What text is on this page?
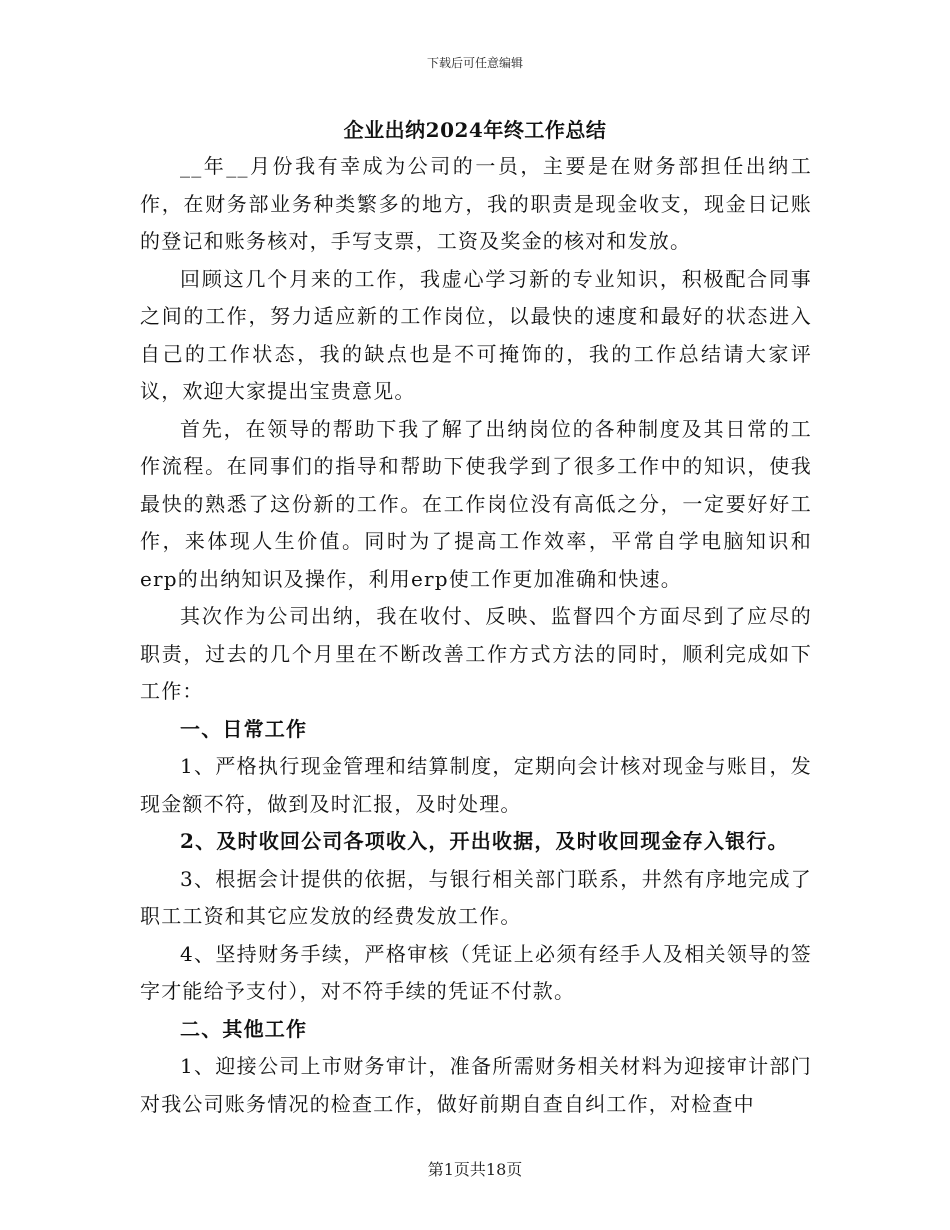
下载后可任意编辑
企业出纳2024年终工作总结

__年__月份我有幸成为公司的一员，主要是在财务部担任出纳工作，在财务部业务种类繁多的地方，我的职责是现金收支，现金日记账的登记和账务核对，手写支票，工资及奖金的核对和发放。

回顾这几个月来的工作，我虚心学习新的专业知识，积极配合同事之间的工作，努力适应新的工作岗位，以最快的速度和最好的状态进入自己的工作状态，我的缺点也是不可掩饰的，我的工作总结请大家评议，欢迎大家提出宝贵意见。

首先，在领导的帮助下我了解了出纳岗位的各种制度及其日常的工作流程。在同事们的指导和帮助下使我学到了很多工作中的知识，使我最快的熟悉了这份新的工作。在工作岗位没有高低之分，一定要好好工作，来体现人生价值。同时为了提高工作效率，平常自学电脑知识和erp的出纳知识及操作，利用erp使工作更加准确和快速。

其次作为公司出纳，我在收付、反映、监督四个方面尽到了应尽的职责，过去的几个月里在不断改善工作方式方法的同时，顺利完成如下工作：

一、日常工作

1、严格执行现金管理和结算制度，定期向会计核对现金与账目，发现金额不符，做到及时汇报，及时处理。

2、及时收回公司各项收入，开出收据，及时收回现金存入银行。

3、根据会计提供的依据，与银行相关部门联系，井然有序地完成了职工工资和其它应发放的经费发放工作。

4、坚持财务手续，严格审核（凭证上必须有经手人及相关领导的签字才能给予支付），对不符手续的凭证不付款。

二、其他工作

1、迎接公司上市财务审计，准备所需财务相关材料为迎接审计部门对我公司账务情况的检查工作，做好前期自查自纠工作，对检查中

第1页共18页
